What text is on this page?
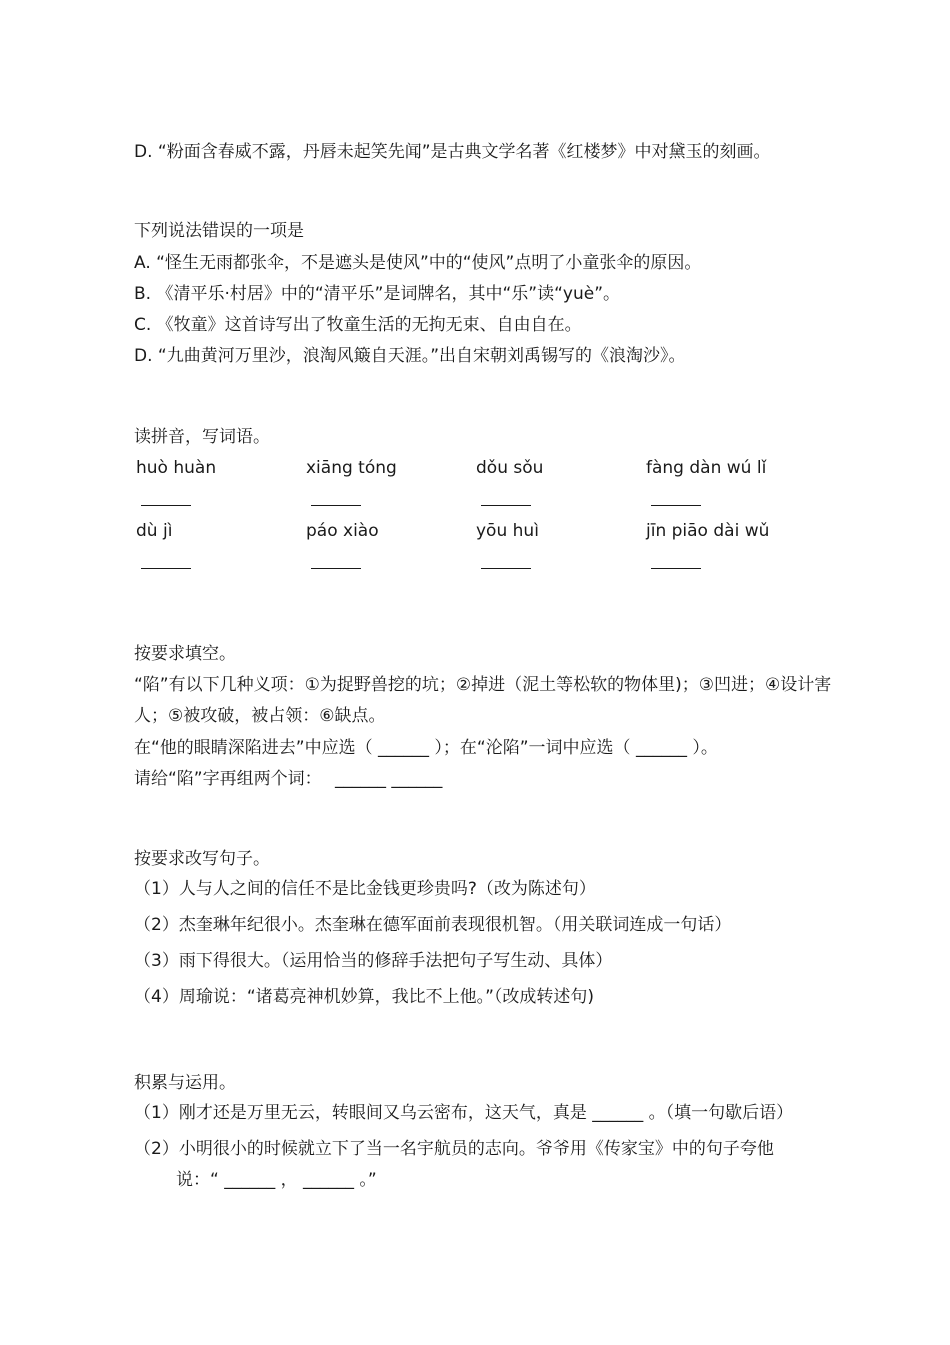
D. “粉面含春威不露，丹唇未起笑先闻”是古典文学名著《红楼梦》中对黛玉的刻画。
下列说法错误的一项是
A. “怪生无雨都张伞，不是遮头是使风”中的“使风”点明了小童张伞的原因。
B. 《清平乐·村居》中的“清平乐”是词牌名，其中“乐”读“yuè”。
C. 《牧童》这首诗写出了牧童生活的无拘无束、自由自在。
D. “九曲黄河万里沙，浪淘风簸自天涯。”出自宋朝刘禹锡写的《浪淘沙》。
读拼音，写词语。
huò huàn	xiāng tóng	dǒu sǒu	fàng dàn wú lǐ
dù jì	páo xiào	yōu huì	jīn piāo dài wǔ
按要求填空。
“陷”有以下几种义项：①为捉野兽挖的坑；②掉进（泥土等松软的物体里)；③凹进；④设计害人；⑤被攻破，被占领：⑥缺点。
在“他的眼睛深陷进去”中应选（ ______ ）；在“沦陷”一词中应选（ ______ ）。
请给“陷”字再组两个词： ______ ______
按要求改写句子。
（1）人与人之间的信任不是比金钱更珍贵吗?（改为陈述句）
（2）杰奎琳年纪很小。杰奎琳在德军面前表现很机智。（用关联词连成一句话）
（3）雨下得很大。（运用恰当的修辞手法把句子写生动、具体）
（4）周瑜说：“诸葛亮神机妙算，我比不上他。”（改成转述句)
积累与运用。
（1）刚才还是万里无云，转眼间又乌云密布，这天气，真是 ______ 。（填一句歇后语）
（2）小明很小的时候就立下了当一名宇航员的志向。爷爷用《传家宝》中的句子夸他
说：“ ______ ， ______ 。”
